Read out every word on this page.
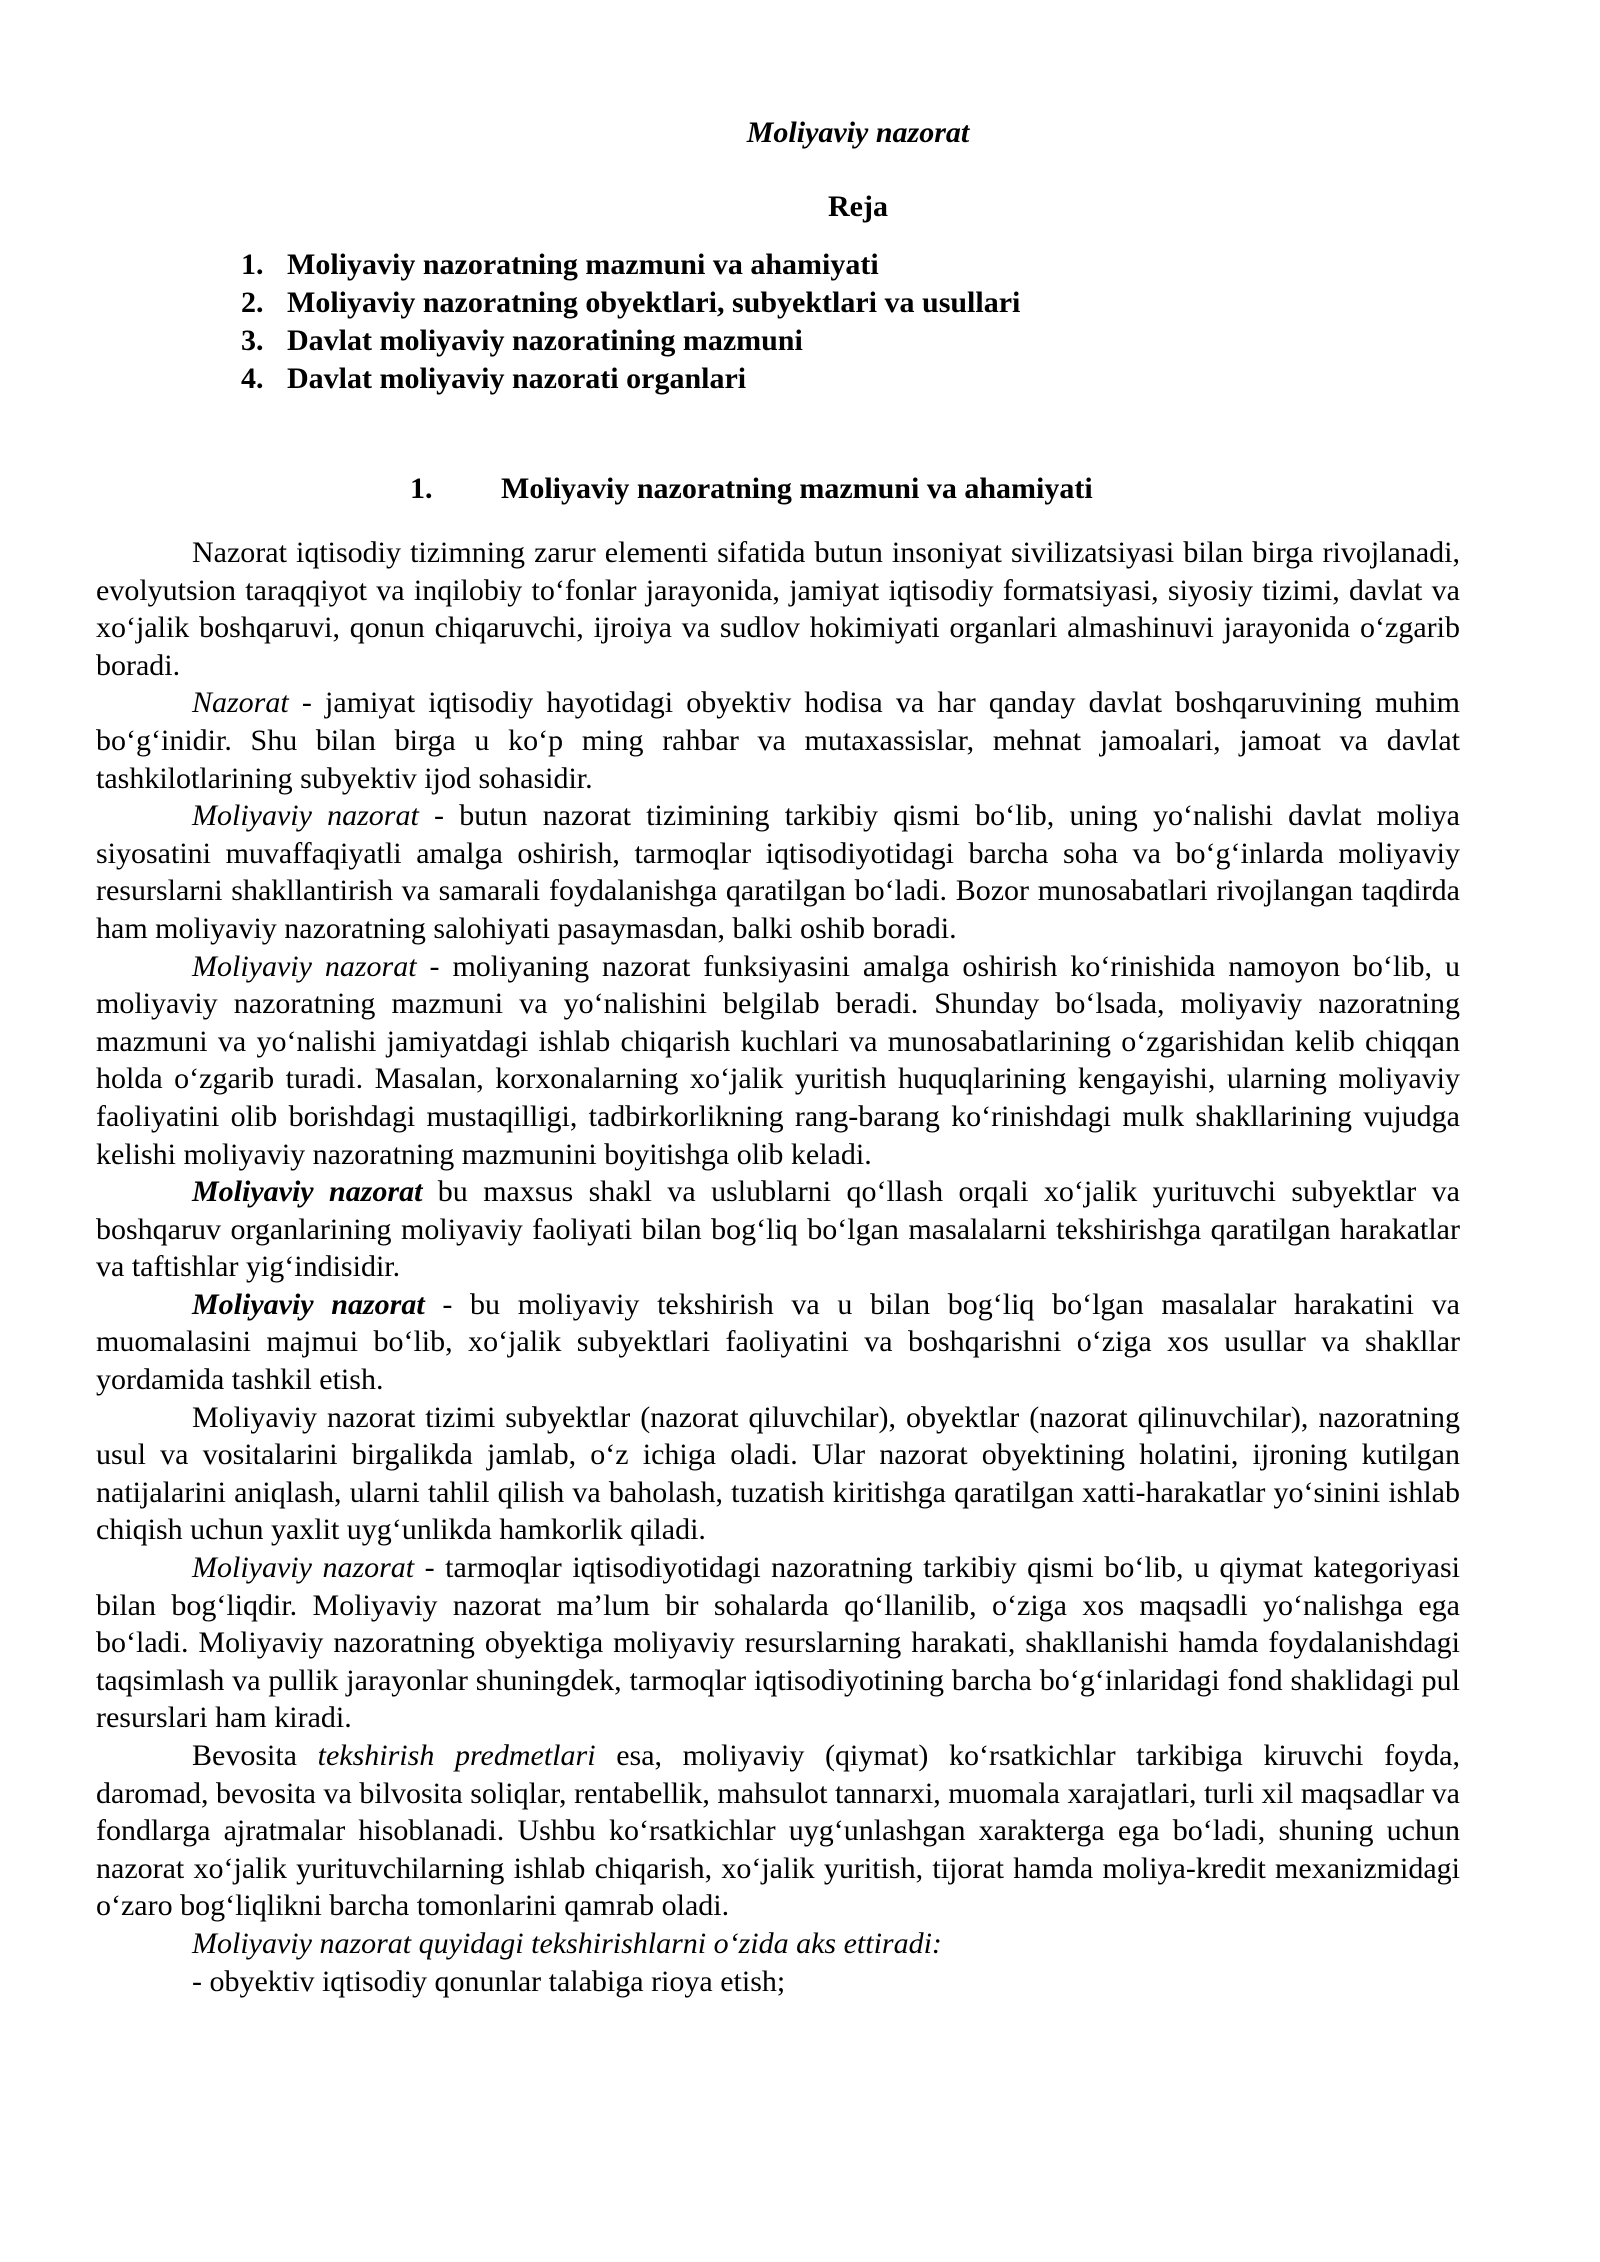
Moliyaviy nazorat
Reja
1. Moliyaviy nazoratning mazmuni va ahamiyati
2. Moliyaviy nazoratning obyektlari, subyektlari va usullari
3. Davlat moliyaviy nazoratining mazmuni
4. Davlat moliyaviy nazorati organlari
1.	Moliyaviy nazoratning mazmuni va ahamiyati

Nazorat iqtisodiy tizimning zarur elementi sifatida butun insoniyat sivilizatsiyasi bilan birga rivojlanadi, evolyutsion taraqqiyot va inqilobiy to‘fonlar jarayonida, jamiyat iqtisodiy formatsiyasi, siyosiy tizimi, davlat va xo‘jalik boshqaruvi, qonun chiqaruvchi, ijroiya va sudlov hokimiyati organlari almashinuvi jarayonida o‘zgarib boradi.

Nazorat - jamiyat iqtisodiy hayotidagi obyektiv hodisa va har qanday davlat boshqaruvining muhim bo‘g‘inidir. Shu bilan birga u ko‘p ming rahbar va mutaxassislar, mehnat jamoalari, jamoat va davlat tashkilotlarining subyektiv ijod sohasidir.

Moliyaviy nazorat - butun nazorat tizimining tarkibiy qismi bo‘lib, uning yo‘nalishi davlat moliya siyosatini muvaffaqiyatli amalga oshirish, tarmoqlar iqtisodiyotidagi barcha soha va bo‘g‘inlarda moliyaviy resurslarni shakllantirish va samarali foydalanishga qaratilgan bo‘ladi. Bozor munosabatlari rivojlangan taqdirda ham moliyaviy nazoratning salohiyati pasaymasdan, balki oshib boradi.

Moliyaviy nazorat - moliyaning nazorat funksiyasini amalga oshirish ko‘rinishida namoyon bo‘lib, u moliyaviy nazoratning mazmuni va yo‘nalishini belgilab beradi. Shunday bo‘lsada, moliyaviy nazoratning mazmuni va yo‘nalishi jamiyatdagi ishlab chiqarish kuchlari va munosabatlarining o‘zgarishidan kelib chiqqan holda o‘zgarib turadi. Masalan, korxonalarning xo‘jalik yuritish huquqlarining kengayishi, ularning moliyaviy faoliyatini olib borishdagi mustaqilligi, tadbirkorlikning rang-barang ko‘rinishdagi mulk shakllarining vujudga kelishi moliyaviy nazoratning mazmunini boyitishga olib keladi.

Moliyaviy nazorat bu maxsus shakl va uslublarni qo‘llash orqali xo‘jalik yurituvchi subyektlar va boshqaruv organlarining moliyaviy faoliyati bilan bog‘liq bo‘lgan masalalarni tekshirishga qaratilgan harakatlar va taftishlar yig‘indisidir.

Moliyaviy nazorat - bu moliyaviy tekshirish va u bilan bog‘liq bo‘lgan masalalar harakatini va muomalasini majmui bo‘lib, xo‘jalik subyektlari faoliyatini va boshqarishni o‘ziga xos usullar va shakllar yordamida tashkil etish.

Moliyaviy nazorat tizimi subyektlar (nazorat qiluvchilar), obyektlar (nazorat qilinuvchilar), nazoratning usul va vositalarini birgalikda jamlab, o‘z ichiga oladi. Ular nazorat obyektining holatini, ijroning kutilgan natijalarini aniqlash, ularni tahlil qilish va baholash, tuzatish kiritishga qaratilgan xatti-harakatlar yo‘sinini ishlab chiqish uchun yaxlit uyg‘unlikda hamkorlik qiladi.

Moliyaviy nazorat - tarmoqlar iqtisodiyotidagi nazoratning tarkibiy qismi bo‘lib, u qiymat kategoriyasi bilan bog‘liqdir. Moliyaviy nazorat ma’lum bir sohalarda qo‘llanilib, o‘ziga xos maqsadli yo‘nalishga ega bo‘ladi. Moliyaviy nazoratning obyektiga moliyaviy resurslarning harakati, shakllanishi hamda foydalanishdagi taqsimlash va pullik jarayonlar shuningdek, tarmoqlar iqtisodiyotining barcha bo‘g‘inlaridagi fond shaklidagi pul resurslari ham kiradi.

Bevosita tekshirish predmetlari esa, moliyaviy (qiymat) ko‘rsatkichlar tarkibiga kiruvchi foyda, daromad, bevosita va bilvosita soliqlar, rentabellik, mahsulot tannarxi, muomala xarajatlari, turli xil maqsadlar va fondlarga ajratmalar hisoblanadi. Ushbu ko‘rsatkichlar uyg‘unlashgan xarakterga ega bo‘ladi, shuning uchun nazorat xo‘jalik yurituvchilarning ishlab chiqarish, xo‘jalik yuritish, tijorat hamda moliya-kredit mexanizmidagi o‘zaro bog‘liqlikni barcha tomonlarini qamrab oladi.

Moliyaviy nazorat quyidagi tekshirishlarni o‘zida aks ettiradi:

- obyektiv iqtisodiy qonunlar talabiga rioya etish;
